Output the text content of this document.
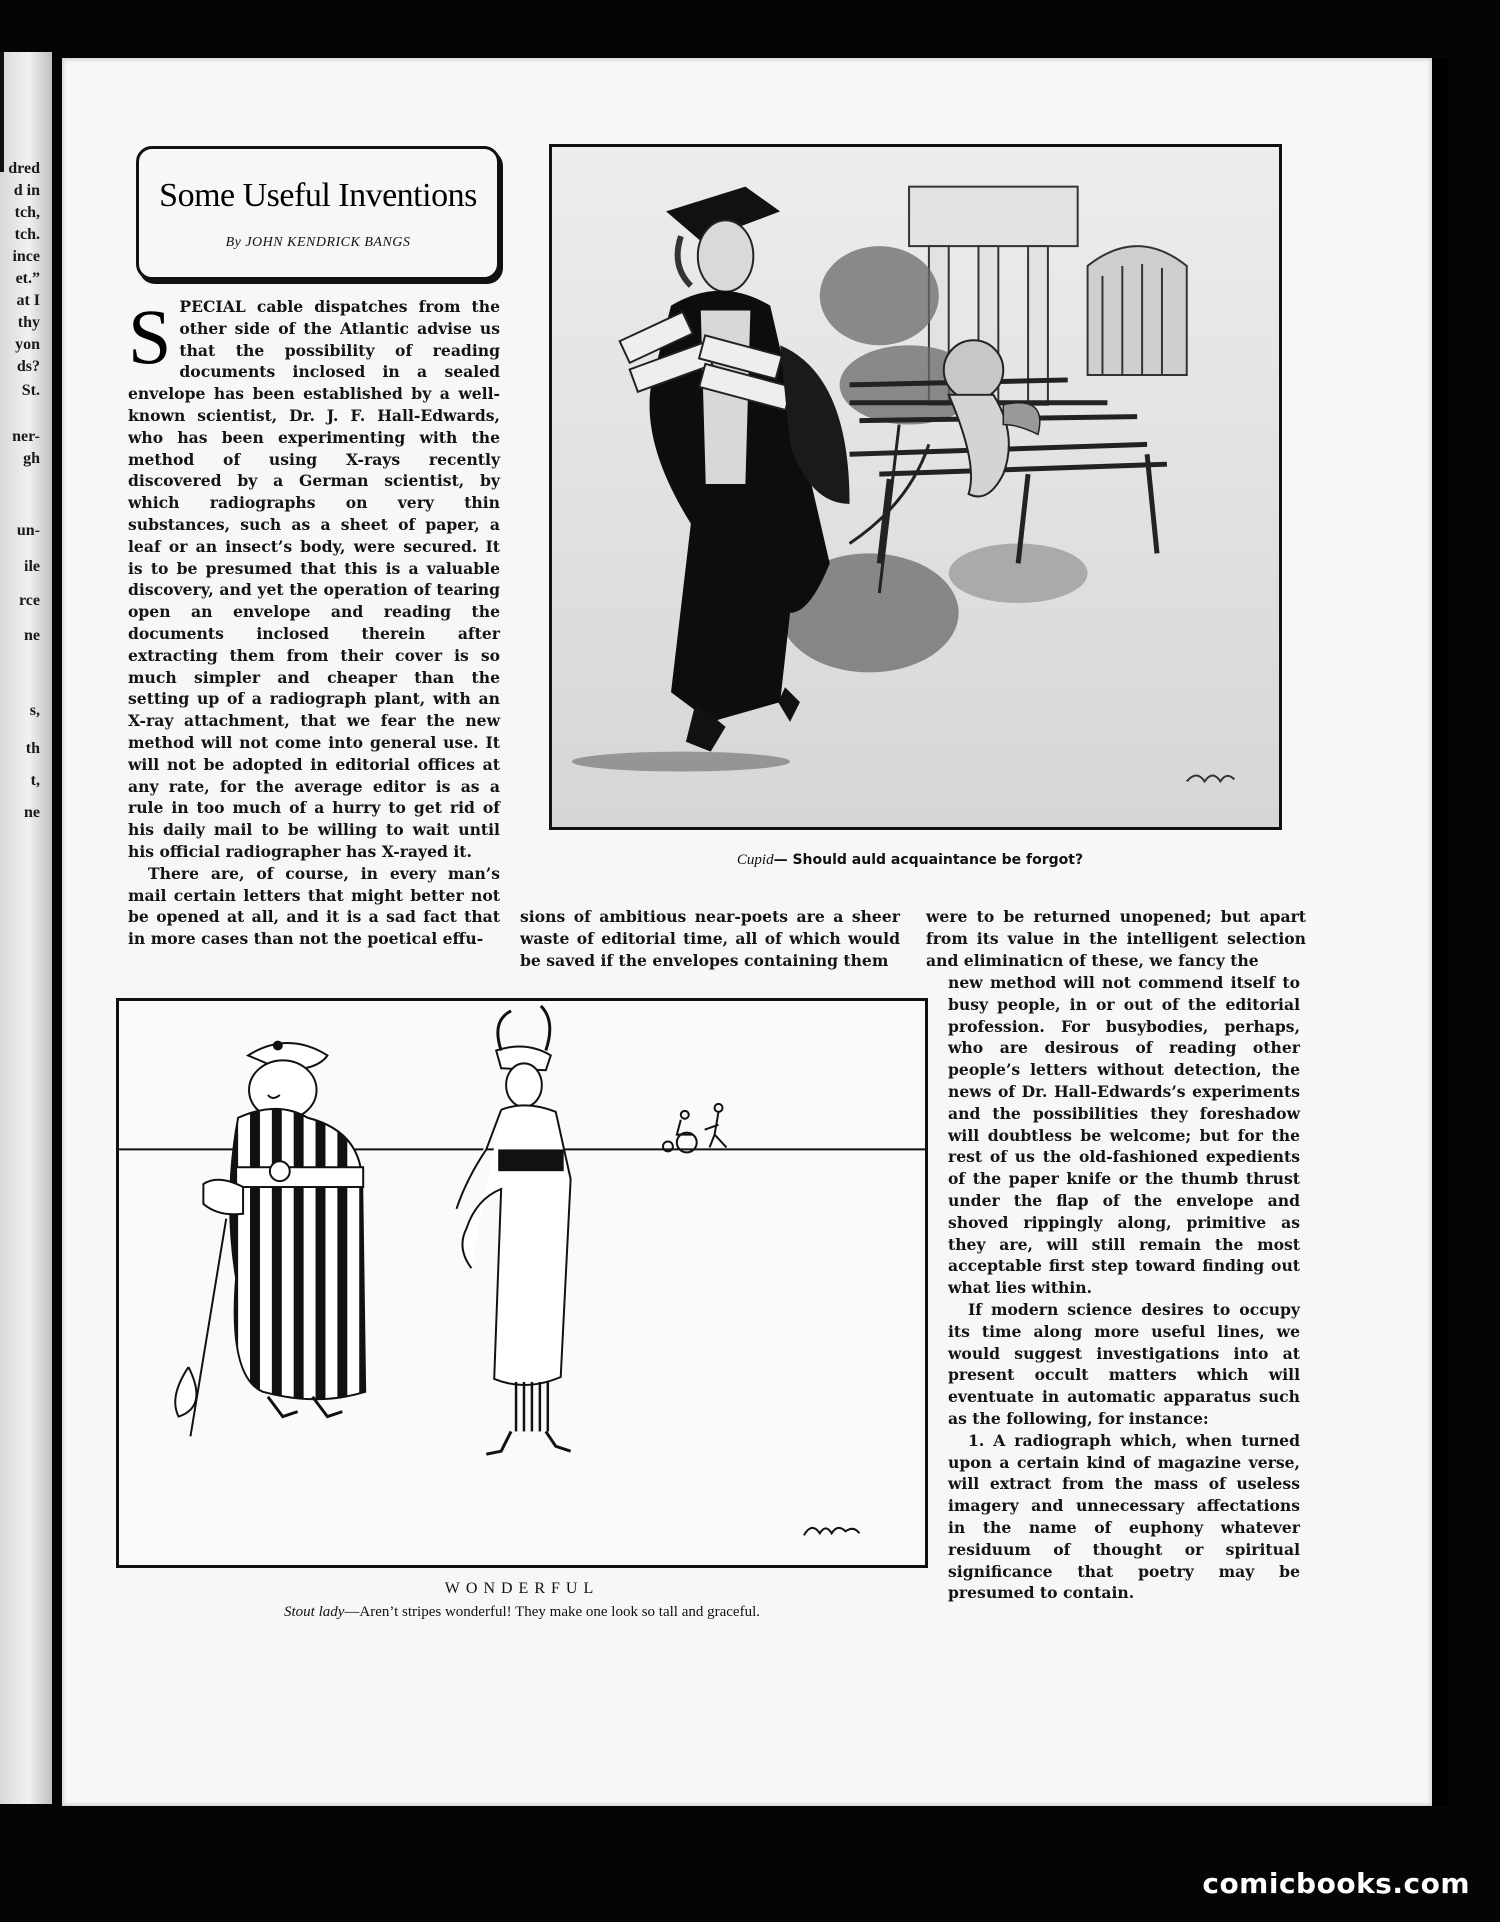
dred
d in
tch,
tch.
ince
et.”
at I
thy
yon
ds?
St.
ner-
gh
un-
ile
rce
ne
s,
th
t,
ne
Some Useful Inventions
By JOHN KENDRICK BANGS

SPECIAL cable dispatches from the other side of the Atlantic advise us that the possibility of reading documents inclosed in a sealed envelope has been established by a well-known scientist, Dr. J. F. Hall-Edwards, who has been experimenting with the method of using X-rays recently discovered by a German scientist, by which radiographs on very thin substances, such as a sheet of paper, a leaf or an insect’s body, were secured. It is to be presumed that this is a valuable discovery, and yet the operation of tearing open an envelope and reading the documents inclosed therein after extracting them from their cover is so much simpler and cheaper than the setting up of a radiograph plant, with an X-ray attachment, that we fear the new method will not come into general use. It will not be adopted in editorial offices at any rate, for the average editor is as a rule in too much of a hurry to get rid of his daily mail to be willing to wait until his official radiographer has X-rayed it.

There are, of course, in every man’s mail certain letters that might better not be opened at all, and it is a sad fact that in more cases than not the poetical effu-

sions of ambitious near-poets are a sheer waste of editorial time, all of which would be saved if the envelopes containing them

were to be returned unopened; but apart from its value in the intelligent selection and eliminaticn of these, we fancy the

new method will not commend itself to busy people, in or out of the editorial profession. For busybodies, perhaps, who are desirous of reading other people’s letters without detection, the news of Dr. Hall-Edwards’s experiments and the possibilities they foreshadow will doubtless be welcome; but for the rest of us the old-fashioned expedients of the paper knife or the thumb thrust under the flap of the envelope and shoved rippingly along, primitive as they are, will still remain the most acceptable first step toward finding out what lies within.

If modern science desires to occupy its time along more useful lines, we would suggest investigations into at present occult matters which will eventuate in automatic apparatus such as the following, for instance:

1. A radiograph which, when turned upon a certain kind of magazine verse, will extract from the mass of useless imagery and unnecessary affectations in the name of euphony whatever residuum of thought or spiritual significance that poetry may be presumed to contain.

Cupid— Should auld acquaintance be forgot?
WONDERFUL
Stout lady—Aren’t stripes wonderful! They make one look so tall and graceful.
comicbooks.com
